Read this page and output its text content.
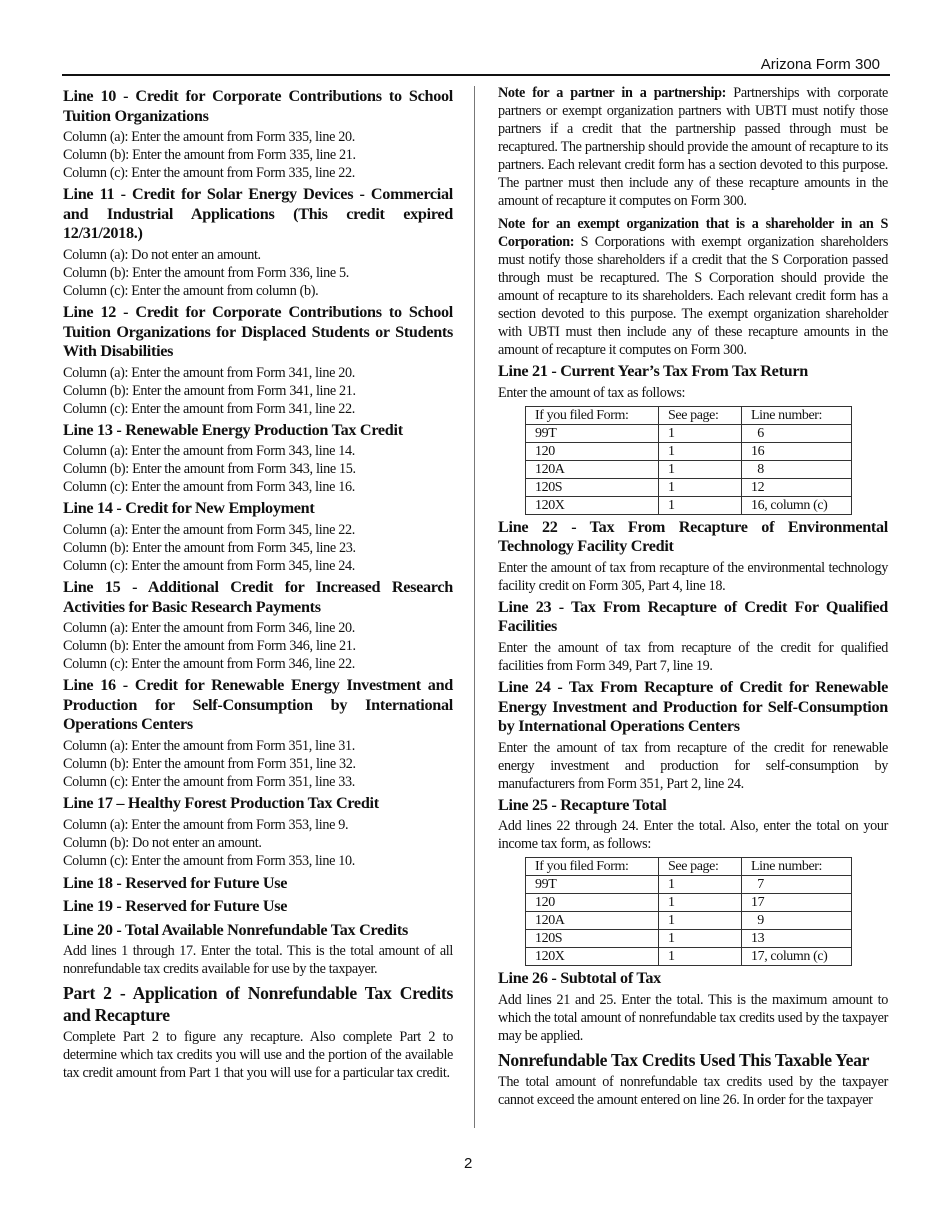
Arizona Form 300
Line 10 - Credit for Corporate Contributions to School Tuition Organizations

Column (a): Enter the amount from Form 335, line 20.

Column (b): Enter the amount from Form 335, line 21.

Column (c): Enter the amount from Form 335, line 22.

Line 11 - Credit for Solar Energy Devices - Commercial and Industrial Applications (This credit expired 12/31/2018.)

Column (a): Do not enter an amount.

Column (b): Enter the amount from Form 336, line 5.

Column (c): Enter the amount from column (b).

Line 12 - Credit for Corporate Contributions to School Tuition Organizations for Displaced Students or Students With Disabilities

Column (a): Enter the amount from Form 341, line 20.

Column (b): Enter the amount from Form 341, line 21.

Column (c): Enter the amount from Form 341, line 22.

Line 13 - Renewable Energy Production Tax Credit

Column (a): Enter the amount from Form 343, line 14.

Column (b): Enter the amount from Form 343, line 15.

Column (c): Enter the amount from Form 343, line 16.

Line 14 - Credit for New Employment

Column (a): Enter the amount from Form 345, line 22.

Column (b): Enter the amount from Form 345, line 23.

Column (c): Enter the amount from Form 345, line 24.

Line 15 - Additional Credit for Increased Research Activities for Basic Research Payments

Column (a): Enter the amount from Form 346, line 20.

Column (b): Enter the amount from Form 346, line 21.

Column (c): Enter the amount from Form 346, line 22.

Line 16 - Credit for Renewable Energy Investment and Production for Self-Consumption by International Operations Centers

Column (a): Enter the amount from Form 351, line 31.

Column (b): Enter the amount from Form 351, line 32.

Column (c): Enter the amount from Form 351, line 33.

Line 17 – Healthy Forest Production Tax Credit

Column (a): Enter the amount from Form 353, line 9.

Column (b): Do not enter an amount.

Column (c): Enter the amount from Form 353, line 10.

Line 18 - Reserved for Future Use
Line 19 - Reserved for Future Use
Line 20 - Total Available Nonrefundable Tax Credits

Add lines 1 through 17. Enter the total. This is the total amount of all nonrefundable tax credits available for use by the taxpayer.

Part 2 - Application of Nonrefundable Tax Credits and Recapture

Complete Part 2 to figure any recapture. Also complete Part 2 to determine which tax credits you will use and the portion of the available tax credit amount from Part 1 that you will use for a particular tax credit.

Note for a partner in a partnership: Partnerships with corporate partners or exempt organization partners with UBTI must notify those partners if a credit that the partnership passed through must be recaptured. The partnership should provide the amount of recapture to its partners. Each relevant credit form has a section devoted to this purpose. The partner must then include any of these recapture amounts in the amount of recapture it computes on Form 300.

Note for an exempt organization that is a shareholder in an S Corporation: S Corporations with exempt organization shareholders must notify those shareholders if a credit that the S Corporation passed through must be recaptured. The S Corporation should provide the amount of recapture to its shareholders. Each relevant credit form has a section devoted to this purpose. The exempt organization shareholder with UBTI must then include any of these recapture amounts in the amount of recapture it computes on Form 300.

Line 21 - Current Year’s Tax From Tax Return

Enter the amount of tax as follows:

If you filed Form:	See page:	Line number:
99T	1	6
120	1	16
120A	1	8
120S	1	12
120X	1	16, column (c)
Line 22 - Tax From Recapture of Environmental Technology Facility Credit

Enter the amount of tax from recapture of the environmental technology facility credit on Form 305, Part 4, line 18.

Line 23 - Tax From Recapture of Credit For Qualified Facilities

Enter the amount of tax from recapture of the credit for qualified facilities from Form 349, Part 7, line 19.

Line 24 - Tax From Recapture of Credit for Renewable Energy Investment and Production for Self-Consumption by International Operations Centers

Enter the amount of tax from recapture of the credit for renewable energy investment and production for self-consumption by manufacturers from Form 351, Part 2, line 24.

Line 25 - Recapture Total

Add lines 22 through 24. Enter the total. Also, enter the total on your income tax form, as follows:

If you filed Form:	See page:	Line number:
99T	1	7
120	1	17
120A	1	9
120S	1	13
120X	1	17, column (c)
Line 26 - Subtotal of Tax

Add lines 21 and 25. Enter the total. This is the maximum amount to which the total amount of nonrefundable tax credits used by the taxpayer may be applied.

Nonrefundable Tax Credits Used This Taxable Year

The total amount of nonrefundable tax credits used by the taxpayer cannot exceed the amount entered on line 26. In order for the taxpayer

2
